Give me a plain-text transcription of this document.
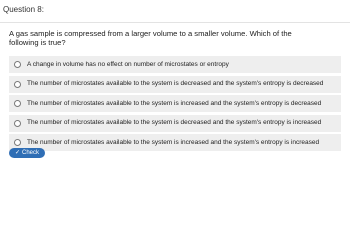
Question 8:
A gas sample is compressed from a larger volume to a smaller volume. Which of the following is true?
A change in volume has no effect on number of microstates or entropy
The number of microstates available to the system is decreased and the system's entropy is decreased
The number of microstates available to the system is increased and the system's entropy is decreased
The number of microstates available to the system is decreased and the system's entropy is increased
The number of microstates available to the system is increased and the system's entropy is increased
✓ Check
